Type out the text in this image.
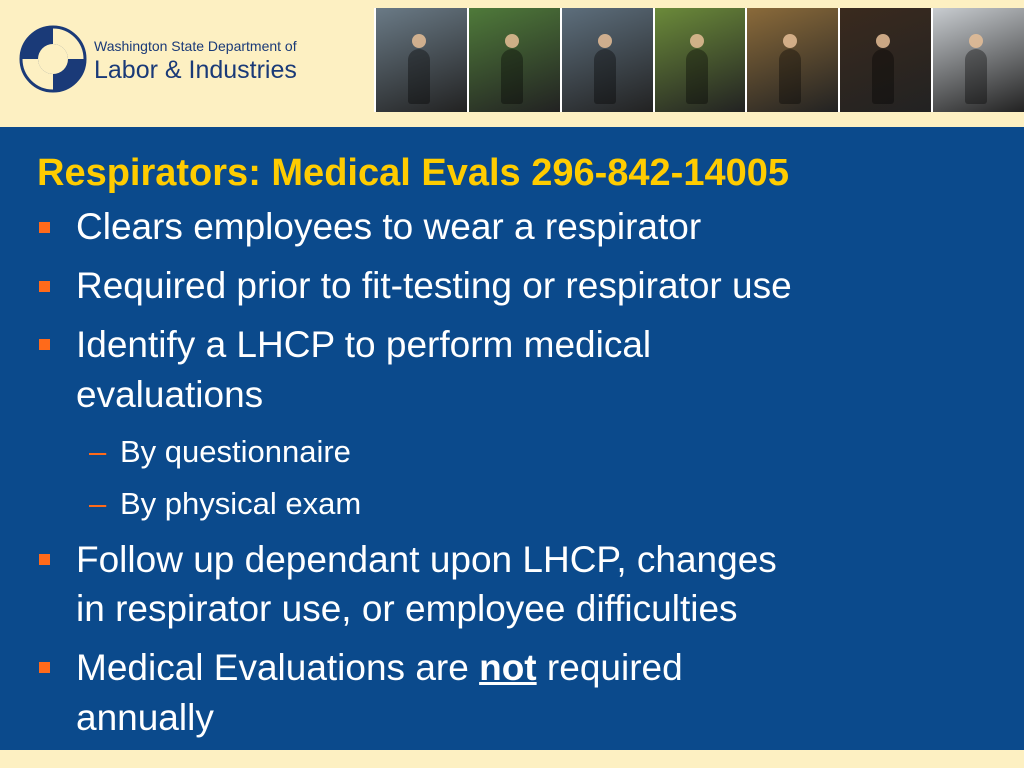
Washington State Department of
Labor & Industries
Respirators: Medical Evals 296-842-14005
Clears employees to wear a respirator
Required prior to fit-testing or respirator use
Identify a LHCP to perform medical
evaluations
– By questionnaire
– By physical exam
Follow up dependant upon LHCP, changes
in respirator use, or employee difficulties
Medical Evaluations are not required
annually
